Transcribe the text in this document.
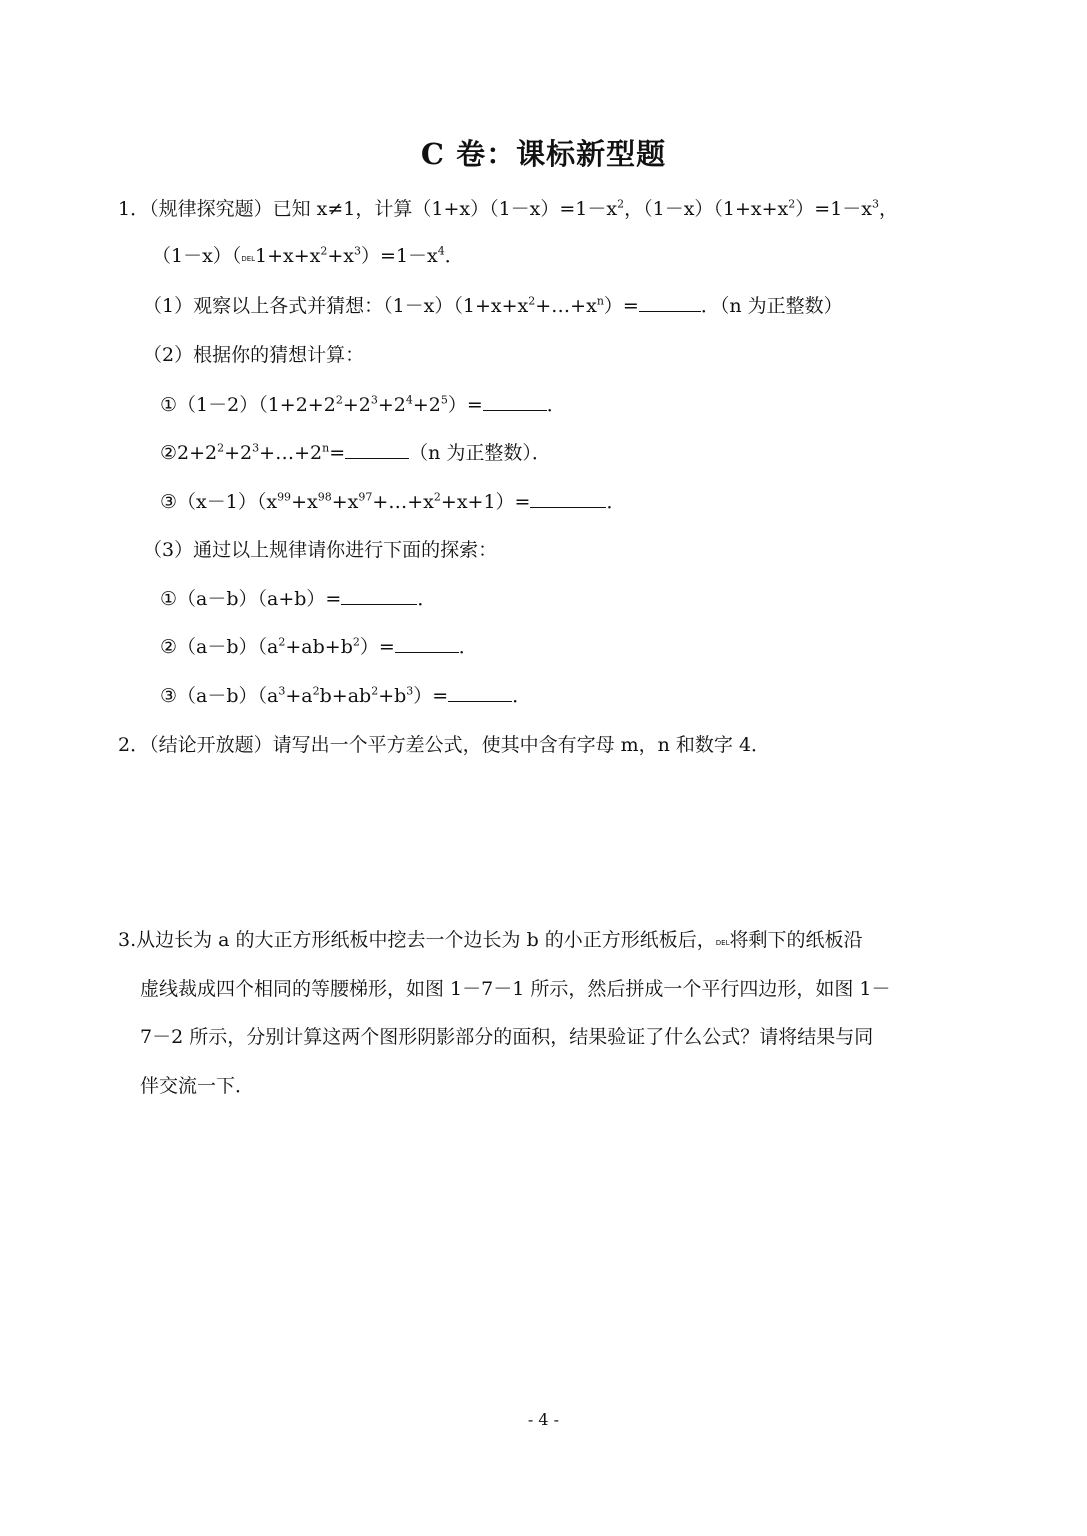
C 卷：课标新型题
1．（规律探究题）已知 x≠1，计算$(1+x)(1-x)=1-x^2$，$(1-x)(1+x+x^2)=1-x^3$，
$(1-x)(DEL1+x+x^2+x^3)=1-x^4$．
（1）观察以上各式并猜想：$(1-x)(1+x+x^2+\dots+x^n)=$	．（n 为正整数）
（2）根据你的猜想计算：
$①(1-2)(1+2+2^2+2^3+2^4+2^5)=$	．
$②2+2^2+2^3+\dots+2^n=$	（n 为正整数）．
$③(x-1)(x^{99}+x^{98}+x^{97}+\dots+x^2+x+1)=$	．
（3）通过以上规律请你进行下面的探索：
①（a－b）（a+b）=	．
$②(a-b)(a^2+ab+b^2)=$	．
$③(a-b)(a^3+a^2b+ab^2+b^3)=$	．
2．（结论开放题）请写出一个平方差公式，使其中含有字母 m，n 和数字 4．
3.从边长为 a 的大正方形纸板中挖去一个边长为 b 的小正方形纸板后，DEL将剩下的纸板沿
虚线裁成四个相同的等腰梯形，如图 1－7－1 所示，然后拼成一个平行四边形，如图 1－
7－2 所示，分别计算这两个图形阴影部分的面积，结果验证了什么公式？请将结果与同
伴交流一下．
- 4 -
